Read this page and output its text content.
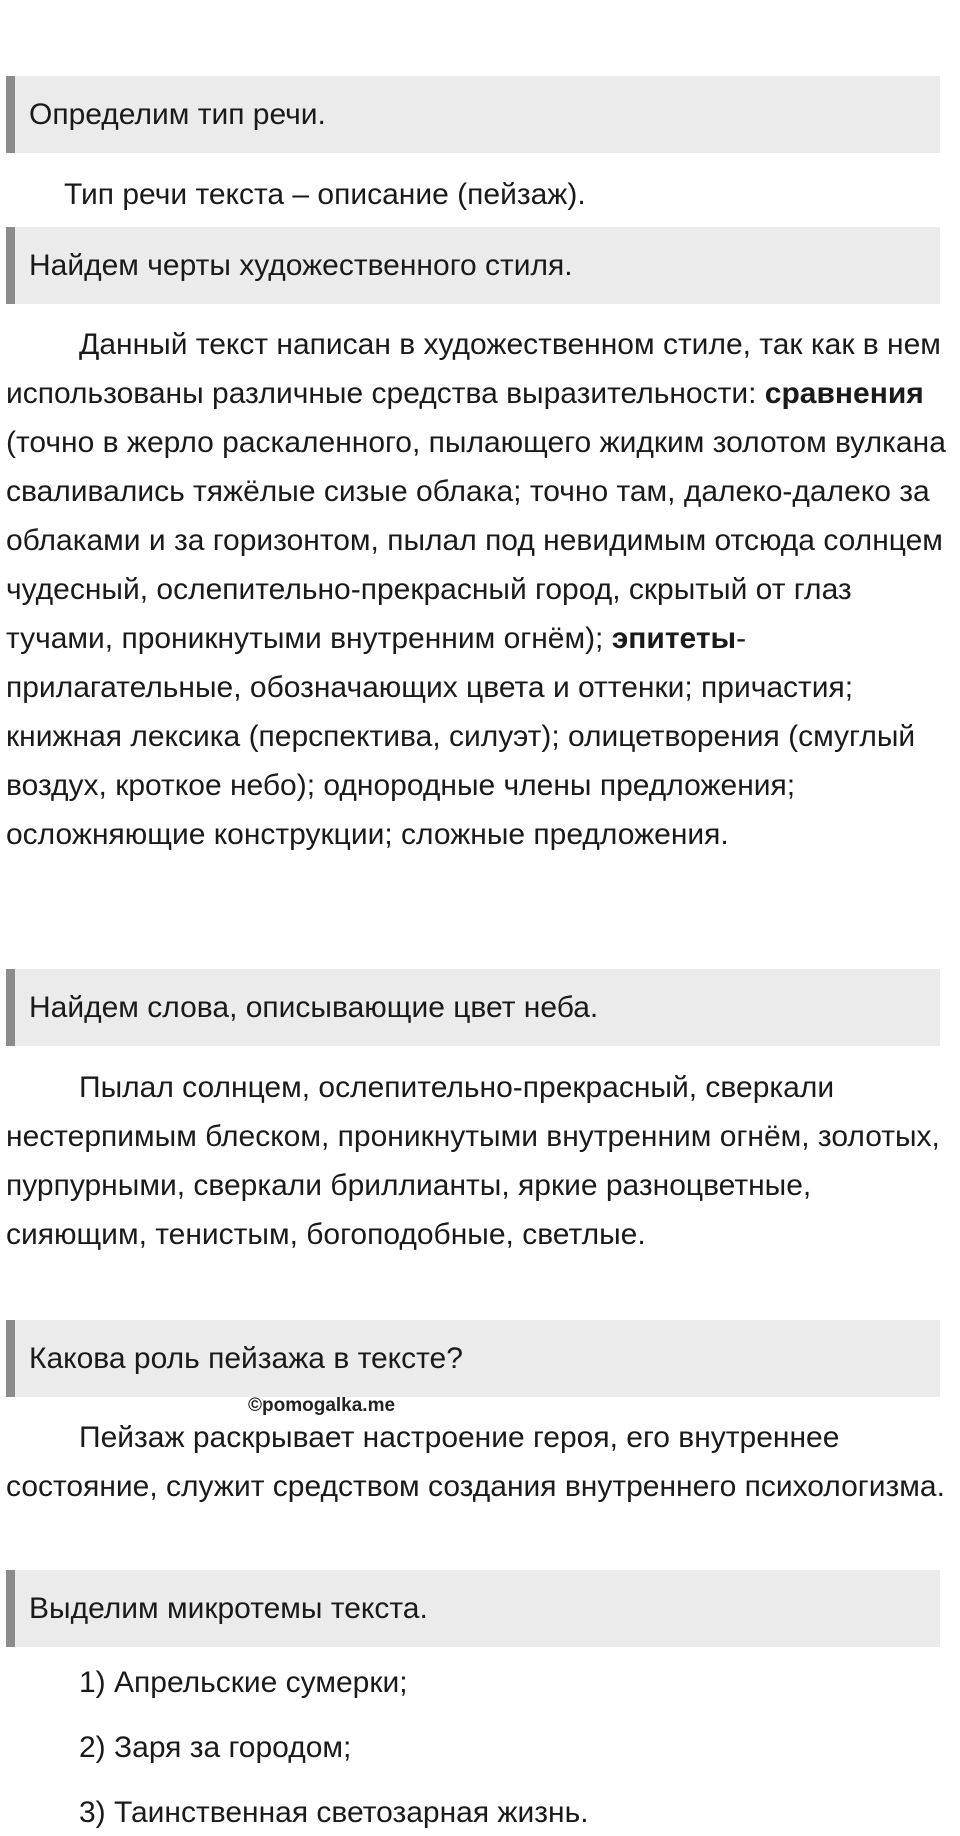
Определим тип речи.
Тип речи текста – описание (пейзаж).
Найдем черты художественного стиля.

Данный текст написан в художественном стиле, так как в нем использованы различные средства выразительности: сравнения (точно в жерло раскаленного, пылающего жидким золотом вулкана сваливались тяжёлые сизые облака; точно там, далеко-далеко за облаками и за горизонтом, пылал под невидимым отсюда солнцем чудесный, ослепительно-прекрасный город, скрытый от глаз тучами, проникнутыми внутренним огнём); эпитеты-прилагательные, обозначающих цвета и оттенки; причастия; книжная лексика (перспектива, силуэт); олицетворения (смуглый воздух, кроткое небо); однородные члены предложения; осложняющие конструкции; сложные предложения.

Найдем слова, описывающие цвет неба.

Пылал солнцем, ослепительно-прекрасный, сверкали нестерпимым блеском, проникнутыми внутренним огнём, золотых, пурпурными, сверкали бриллианты, яркие разноцветные, сияющим, тенистым, богоподобные, светлые.

Какова роль пейзажа в тексте?
©pomogalka.me

Пейзаж раскрывает настроение героя, его внутреннее состояние, служит средством создания внутреннего психологизма.

Выделим микротемы текста.
1) Апрельские сумерки;
2) Заря за городом;
3) Таинственная светозарная жизнь.
